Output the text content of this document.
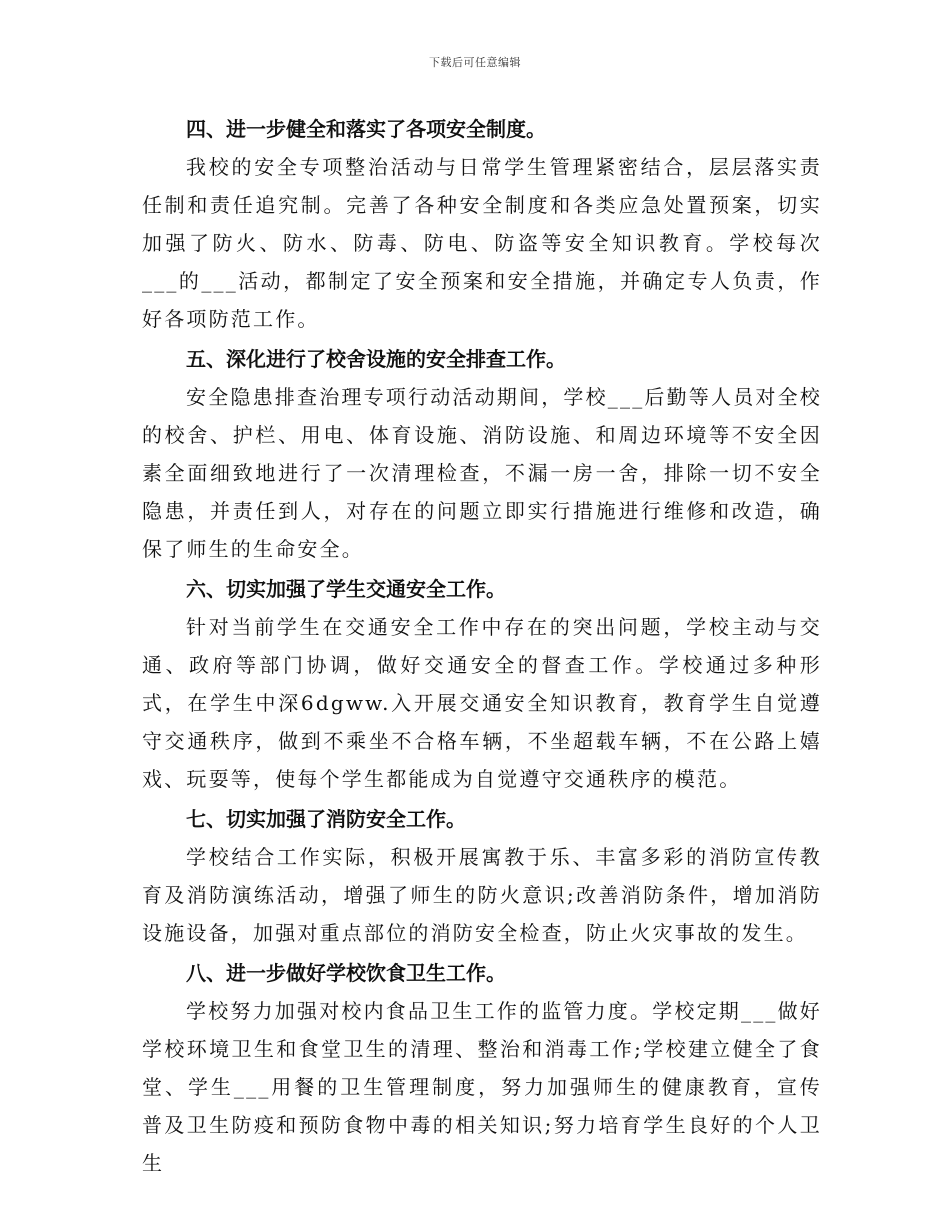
下载后可任意编辑
四、进一步健全和落实了各项安全制度。

我校的安全专项整治活动与日常学生管理紧密结合，层层落实责任制和责任追究制。完善了各种安全制度和各类应急处置预案，切实加强了防火、防水、防毒、防电、防盗等安全知识教育。学校每次___的___活动，都制定了安全预案和安全措施，并确定专人负责，作好各项防范工作。

五、深化进行了校舍设施的安全排查工作。

安全隐患排查治理专项行动活动期间，学校___后勤等人员对全校的校舍、护栏、用电、体育设施、消防设施、和周边环境等不安全因素全面细致地进行了一次清理检查，不漏一房一舍，排除一切不安全隐患，并责任到人，对存在的问题立即实行措施进行维修和改造，确保了师生的生命安全。

六、切实加强了学生交通安全工作。

针对当前学生在交通安全工作中存在的突出问题，学校主动与交通、政府等部门协调，做好交通安全的督查工作。学校通过多种形式，在学生中深6dgww.入开展交通安全知识教育，教育学生自觉遵守交通秩序，做到不乘坐不合格车辆，不坐超载车辆，不在公路上嬉戏、玩耍等，使每个学生都能成为自觉遵守交通秩序的模范。

七、切实加强了消防安全工作。

学校结合工作实际，积极开展寓教于乐、丰富多彩的消防宣传教育及消防演练活动，增强了师生的防火意识;改善消防条件，增加消防设施设备，加强对重点部位的消防安全检查，防止火灾事故的发生。

八、进一步做好学校饮食卫生工作。

学校努力加强对校内食品卫生工作的监管力度。学校定期___做好学校环境卫生和食堂卫生的清理、整治和消毒工作;学校建立健全了食堂、学生___用餐的卫生管理制度，努力加强师生的健康教育，宣传普及卫生防疫和预防食物中毒的相关知识;努力培育学生良好的个人卫生
